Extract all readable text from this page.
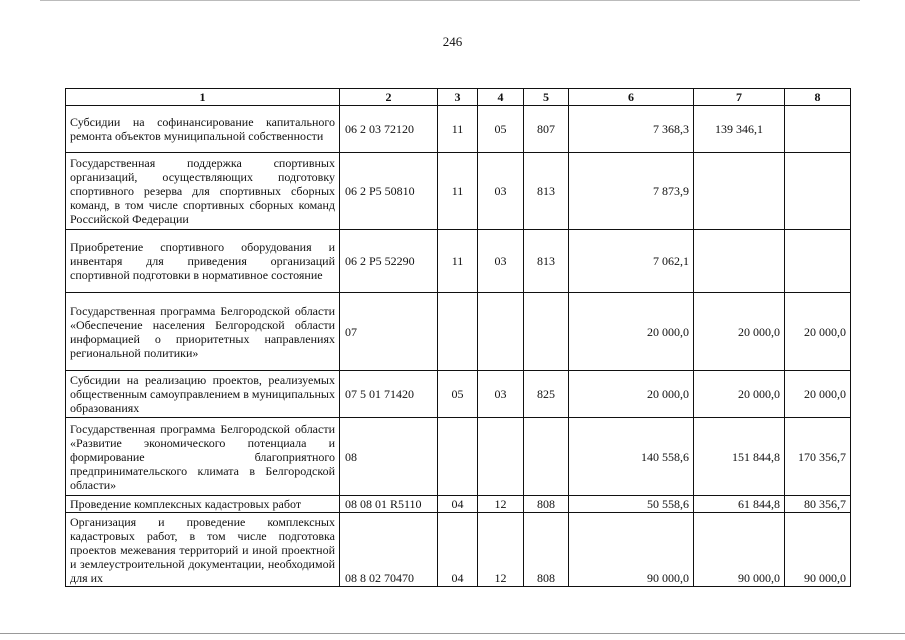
246
1	2	3	4	5	6	7	8
Субсидии на софинансирование капитального ремонта объектов муниципальной собственности	06 2 03 72120	11	05	807	7 368,3	139 346,1	
Государственная поддержка спортивных организаций, осуществляющих подготовку спортивного резерва для спортивных сборных команд, в том числе спортивных сборных команд Российской Федерации	06 2 P5 50810	11	03	813	7 873,9		
Приобретение спортивного оборудования и инвентаря для приведения организаций спортивной подготовки в нормативное состояние	06 2 P5 52290	11	03	813	7 062,1		
Государственная программа Белгородской области «Обеспечение населения Белгородской области информацией о приоритетных направлениях региональной политики»	07				20 000,0	20 000,0	20 000,0
Субсидии на реализацию проектов, реализуемых общественным самоуправлением в муниципальных образованиях	07 5 01 71420	05	03	825	20 000,0	20 000,0	20 000,0
Государственная программа Белгородской области «Развитие экономического потенциала и формирование благоприятного предпринимательского климата в Белгородской области»	08				140 558,6	151 844,8	170 356,7
Проведение комплексных кадастровых работ	08 08 01 R5110	04	12	808	50 558,6	61 844,8	80 356,7
Организация и проведение комплексных кадастровых работ, в том числе подготовка проектов межевания территорий и иной проектной и землеустроительной документации, необходимой для их	08 8 02 70470	04	12	808	90 000,0	90 000,0	90 000,0
